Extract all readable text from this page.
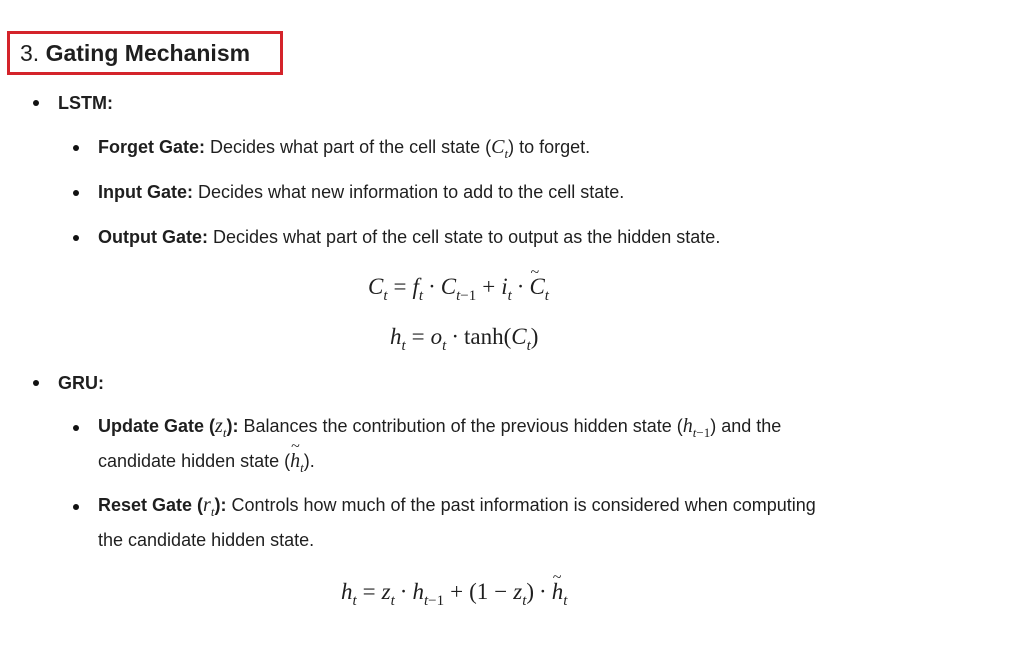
3. Gating Mechanism
LSTM:
Forget Gate: Decides what part of the cell state $(C_t)$ to forget.
Input Gate: Decides what new information to add to the cell state.
Output Gate: Decides what part of the cell state to output as the hidden state.
$C_t = f_t \cdot C_{t-1} + i_t$ · ~ $C_t$
$h_t = o_t \cdot \tanh(C_t)$
GRU:
Update Gate $(z_t)$: Balances the contribution of the previous hidden state $(h_{t-1})$ and the
candidate hidden state (~ $h_t$).
Reset Gate $(r_t)$: Controls how much of the past information is considered when computing
the candidate hidden state.
$h_t = z_t \cdot h_{t-1} + (1 - z_t)$ · ~ $h_t$
